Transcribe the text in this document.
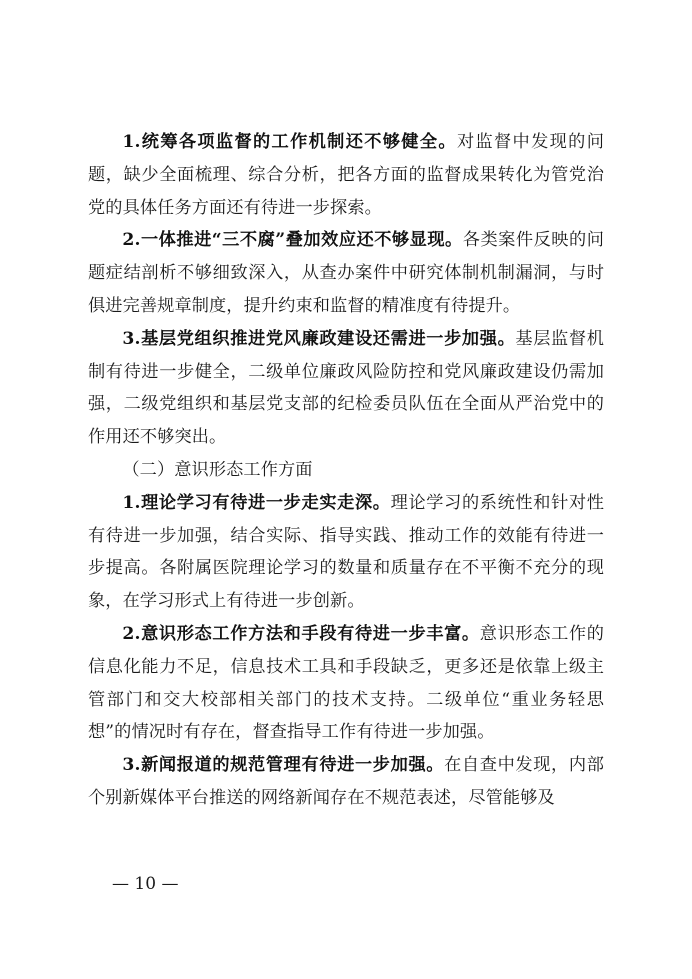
1.统筹各项监督的工作机制还不够健全。对监督中发现的问题，缺少全面梳理、综合分析，把各方面的监督成果转化为管党治党的具体任务方面还有待进一步探索。

2.一体推进“三不腐”叠加效应还不够显现。各类案件反映的问题症结剖析不够细致深入，从查办案件中研究体制机制漏洞，与时俱进完善规章制度，提升约束和监督的精准度有待提升。

3.基层党组织推进党风廉政建设还需进一步加强。基层监督机制有待进一步健全，二级单位廉政风险防控和党风廉政建设仍需加强，二级党组织和基层党支部的纪检委员队伍在全面从严治党中的作用还不够突出。

（二）意识形态工作方面

1.理论学习有待进一步走实走深。理论学习的系统性和针对性有待进一步加强，结合实际、指导实践、推动工作的效能有待进一步提高。各附属医院理论学习的数量和质量存在不平衡不充分的现象，在学习形式上有待进一步创新。

2.意识形态工作方法和手段有待进一步丰富。意识形态工作的信息化能力不足，信息技术工具和手段缺乏，更多还是依靠上级主管部门和交大校部相关部门的技术支持。二级单位“重业务轻思想”的情况时有存在，督查指导工作有待进一步加强。

3.新闻报道的规范管理有待进一步加强。在自查中发现，内部个别新媒体平台推送的网络新闻存在不规范表述，尽管能够及

— 10 —
